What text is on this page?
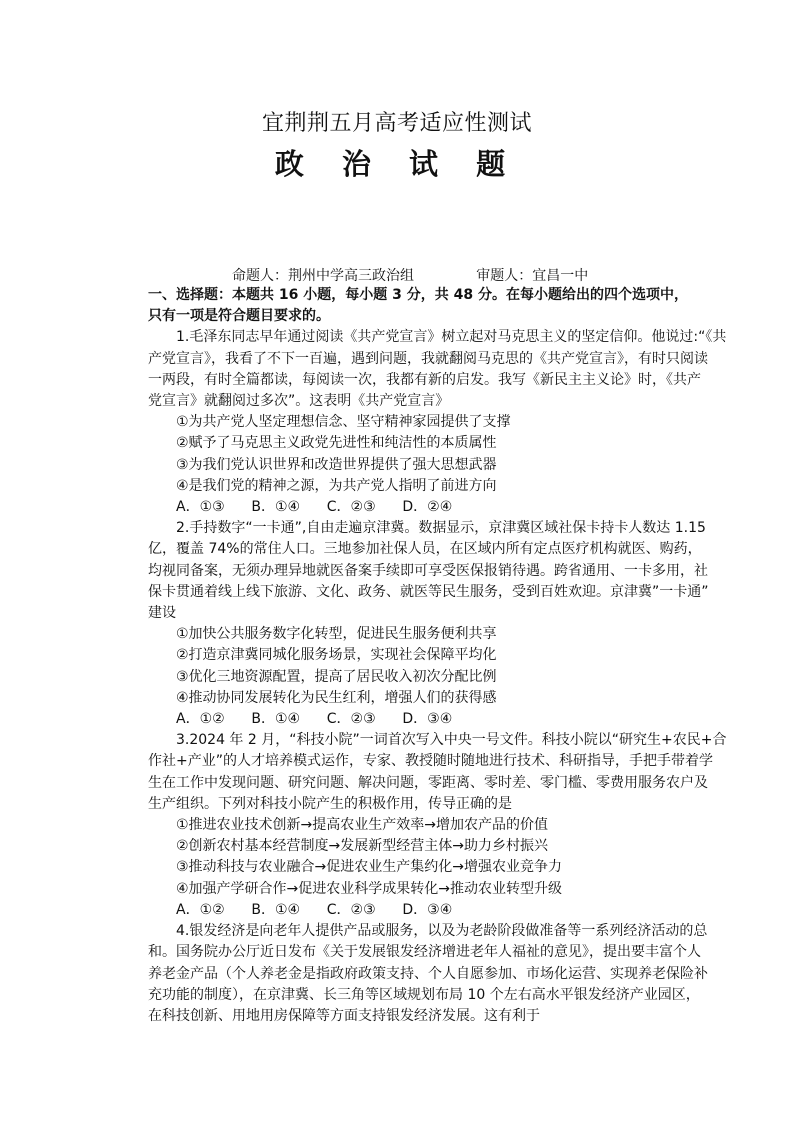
宜荆荆五月高考适应性测试
政 治 试 题
命题人：荆州中学高三政治组              审题人：宜昌一中

一、选择题：本题共 16 小题，每小题 3 分，共 48 分。在每小题给出的四个选项中，

只有一项是符合题目要求的。

1.毛泽东同志早年通过阅读《共产党宣言》树立起对马克思主义的坚定信仰。他说过:“《共

产党宣言》，我看了不下一百遍，遇到问题，我就翻阅马克思的《共产党宣言》，有时只阅读

一两段，有时全篇都读，每阅读一次，我都有新的启发。我写《新民主主义论》时，《共产

党宣言》就翻阅过多次”。这表明《共产党宣言》

①为共产党人坚定理想信念、坚守精神家园提供了支撑

②赋予了马克思主义政党先进性和纯洁性的本质属性

③为我们党认识世界和改造世界提供了强大思想武器

④是我们党的精神之源，为共产党人指明了前进方向

A．①③      B．①④      C．②③      D．②④

2.手持数字“一卡通”,自由走遍京津冀。数据显示，京津冀区域社保卡持卡人数达 1.15

亿，覆盖 74%的常住人口。三地参加社保人员，在区域内所有定点医疗机构就医、购药，

均视同备案，无须办理异地就医备案手续即可享受医保报销待遇。跨省通用、一卡多用，社

保卡贯通着线上线下旅游、文化、政务、就医等民生服务，受到百姓欢迎。京津冀”一卡通”

建设

①加快公共服务数字化转型，促进民生服务便利共享

②打造京津冀同城化服务场景，实现社会保障平均化

③优化三地资源配置，提高了居民收入初次分配比例

④推动协同发展转化为民生红利，增强人们的获得感

A．①②      B．①④      C．②③      D．③④

3.2024 年 2 月，“科技小院”一词首次写入中央一号文件。科技小院以“研究生+农民+合

作社+产业”的人才培养模式运作，专家、教授随时随地进行技术、科研指导，手把手带着学

生在工作中发现问题、研究问题、解决问题，零距离、零时差、零门槛、零费用服务农户及

生产组织。下列对科技小院产生的积极作用，传导正确的是

①推进农业技术创新→提高农业生产效率→增加农产品的价值

②创新农村基本经营制度→发展新型经营主体→助力乡村振兴

③推动科技与农业融合→促进农业生产集约化→增强农业竞争力

④加强产学研合作→促进农业科学成果转化→推动农业转型升级

A．①②      B．①④      C．②③      D．③④

4.银发经济是向老年人提供产品或服务，以及为老龄阶段做准备等一系列经济活动的总

和。国务院办公厅近日发布《关于发展银发经济增进老年人福祉的意见》，提出要丰富个人

养老金产品（个人养老金是指政府政策支持、个人自愿参加、市场化运营、实现养老保险补

充功能的制度），在京津冀、长三角等区域规划布局 10 个左右高水平银发经济产业园区，

在科技创新、用地用房保障等方面支持银发经济发展。这有利于
